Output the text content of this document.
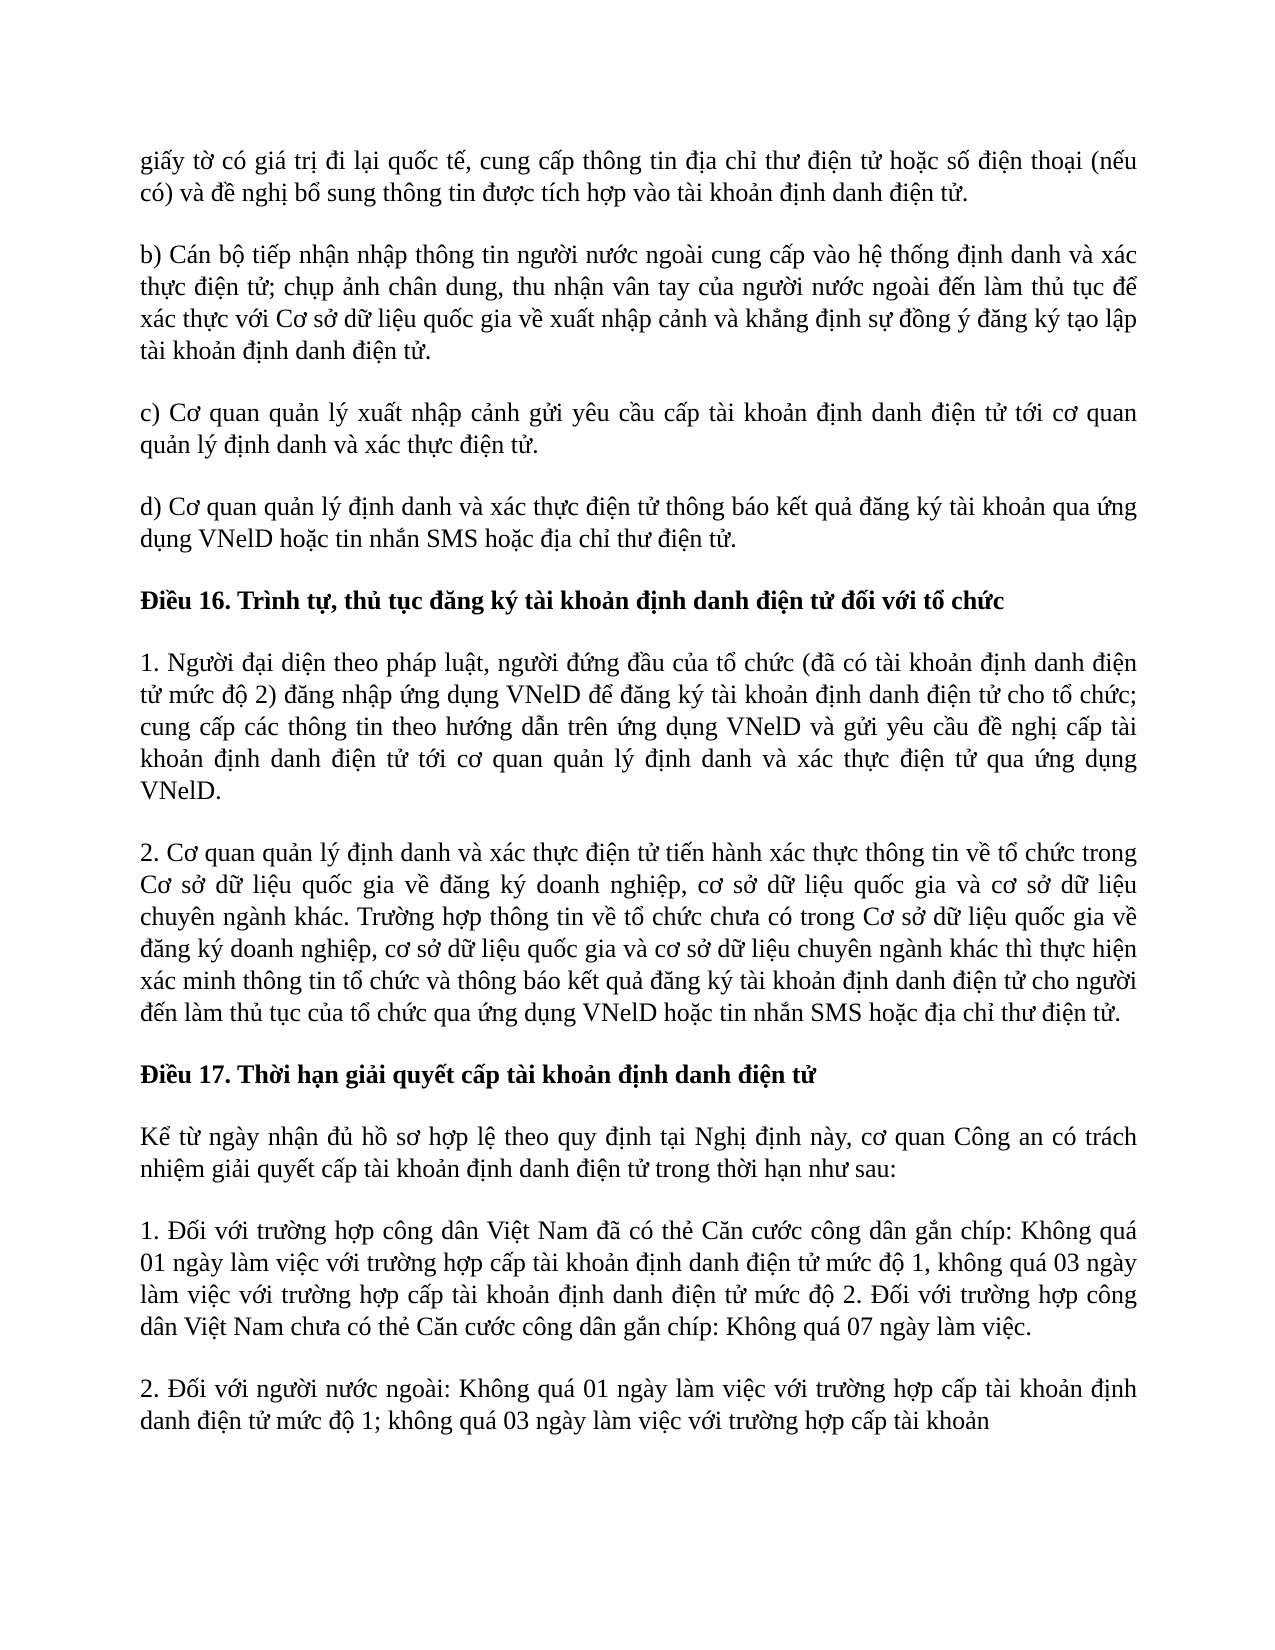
giấy tờ có giá trị đi lại quốc tế, cung cấp thông tin địa chỉ thư điện tử hoặc số điện thoại (nếu có) và đề nghị bổ sung thông tin được tích hợp vào tài khoản định danh điện tử.

b) Cán bộ tiếp nhận nhập thông tin người nước ngoài cung cấp vào hệ thống định danh và xác thực điện tử; chụp ảnh chân dung, thu nhận vân tay của người nước ngoài đến làm thủ tục để xác thực với Cơ sở dữ liệu quốc gia về xuất nhập cảnh và khẳng định sự đồng ý đăng ký tạo lập tài khoản định danh điện tử.

c) Cơ quan quản lý xuất nhập cảnh gửi yêu cầu cấp tài khoản định danh điện tử tới cơ quan quản lý định danh và xác thực điện tử.

d) Cơ quan quản lý định danh và xác thực điện tử thông báo kết quả đăng ký tài khoản qua ứng dụng VNelD hoặc tin nhắn SMS hoặc địa chỉ thư điện tử.

Điều 16. Trình tự, thủ tục đăng ký tài khoản định danh điện tử đối với tổ chức

1. Người đại diện theo pháp luật, người đứng đầu của tổ chức (đã có tài khoản định danh điện tử mức độ 2) đăng nhập ứng dụng VNelD để đăng ký tài khoản định danh điện tử cho tổ chức; cung cấp các thông tin theo hướng dẫn trên ứng dụng VNelD và gửi yêu cầu đề nghị cấp tài khoản định danh điện tử tới cơ quan quản lý định danh và xác thực điện tử qua ứng dụng VNelD.

2. Cơ quan quản lý định danh và xác thực điện tử tiến hành xác thực thông tin về tổ chức trong Cơ sở dữ liệu quốc gia về đăng ký doanh nghiệp, cơ sở dữ liệu quốc gia và cơ sở dữ liệu chuyên ngành khác. Trường hợp thông tin về tổ chức chưa có trong Cơ sở dữ liệu quốc gia về đăng ký doanh nghiệp, cơ sở dữ liệu quốc gia và cơ sở dữ liệu chuyên ngành khác thì thực hiện xác minh thông tin tổ chức và thông báo kết quả đăng ký tài khoản định danh điện tử cho người đến làm thủ tục của tổ chức qua ứng dụng VNelD hoặc tin nhắn SMS hoặc địa chỉ thư điện tử.

Điều 17. Thời hạn giải quyết cấp tài khoản định danh điện tử

Kể từ ngày nhận đủ hồ sơ hợp lệ theo quy định tại Nghị định này, cơ quan Công an có trách nhiệm giải quyết cấp tài khoản định danh điện tử trong thời hạn như sau:

1. Đối với trường hợp công dân Việt Nam đã có thẻ Căn cước công dân gắn chíp: Không quá 01 ngày làm việc với trường hợp cấp tài khoản định danh điện tử mức độ 1, không quá 03 ngày làm việc với trường hợp cấp tài khoản định danh điện tử mức độ 2. Đối với trường hợp công dân Việt Nam chưa có thẻ Căn cước công dân gắn chíp: Không quá 07 ngày làm việc.

2. Đối với người nước ngoài: Không quá 01 ngày làm việc với trường hợp cấp tài khoản định danh điện tử mức độ 1; không quá 03 ngày làm việc với trường hợp cấp tài khoản
